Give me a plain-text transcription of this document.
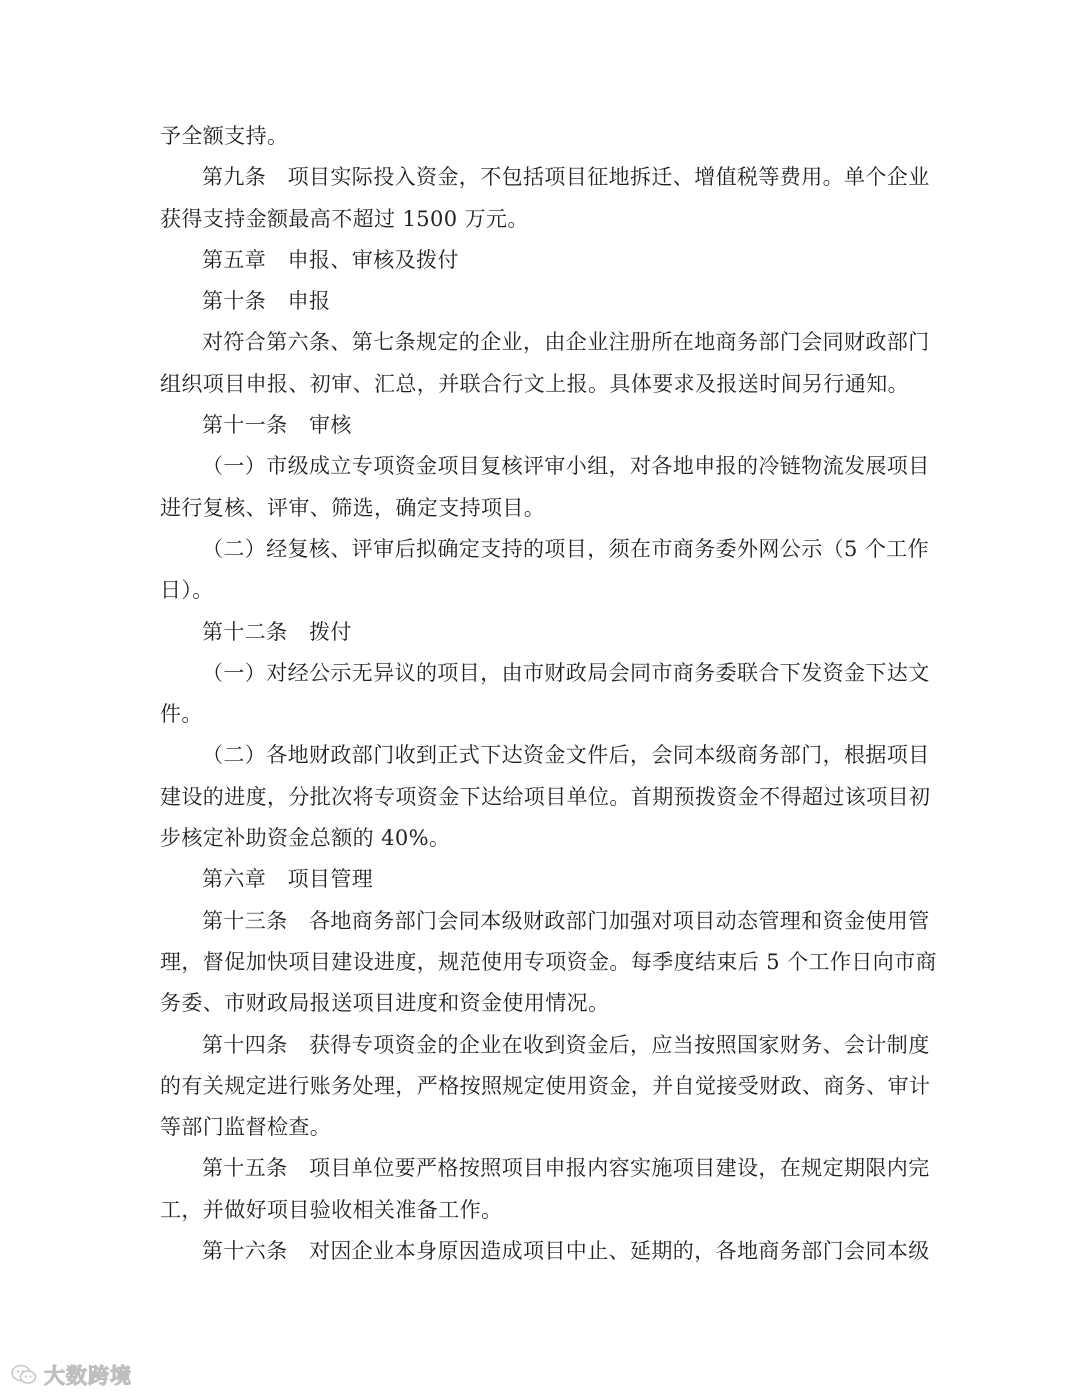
予全额支持。
第九条　项目实际投入资金，不包括项目征地拆迁、增值税等费用。单个企业
获得支持金额最高不超过 1500 万元。
第五章　申报、审核及拨付
第十条　申报
对符合第六条、第七条规定的企业，由企业注册所在地商务部门会同财政部门
组织项目申报、初审、汇总，并联合行文上报。具体要求及报送时间另行通知。
第十一条　审核
（一）市级成立专项资金项目复核评审小组，对各地申报的冷链物流发展项目
进行复核、评审、筛选，确定支持项目。
（二）经复核、评审后拟确定支持的项目，须在市商务委外网公示（5 个工作
日）。
第十二条　拨付
（一）对经公示无异议的项目，由市财政局会同市商务委联合下发资金下达文
件。
（二）各地财政部门收到正式下达资金文件后，会同本级商务部门，根据项目
建设的进度，分批次将专项资金下达给项目单位。首期预拨资金不得超过该项目初
步核定补助资金总额的 40%。
第六章　项目管理
第十三条　各地商务部门会同本级财政部门加强对项目动态管理和资金使用管
理，督促加快项目建设进度，规范使用专项资金。每季度结束后 5 个工作日向市商
务委、市财政局报送项目进度和资金使用情况。
第十四条　获得专项资金的企业在收到资金后，应当按照国家财务、会计制度
的有关规定进行账务处理，严格按照规定使用资金，并自觉接受财政、商务、审计
等部门监督检查。
第十五条　项目单位要严格按照项目申报内容实施项目建设，在规定期限内完
工，并做好项目验收相关准备工作。
第十六条　对因企业本身原因造成项目中止、延期的，各地商务部门会同本级
大数跨境
